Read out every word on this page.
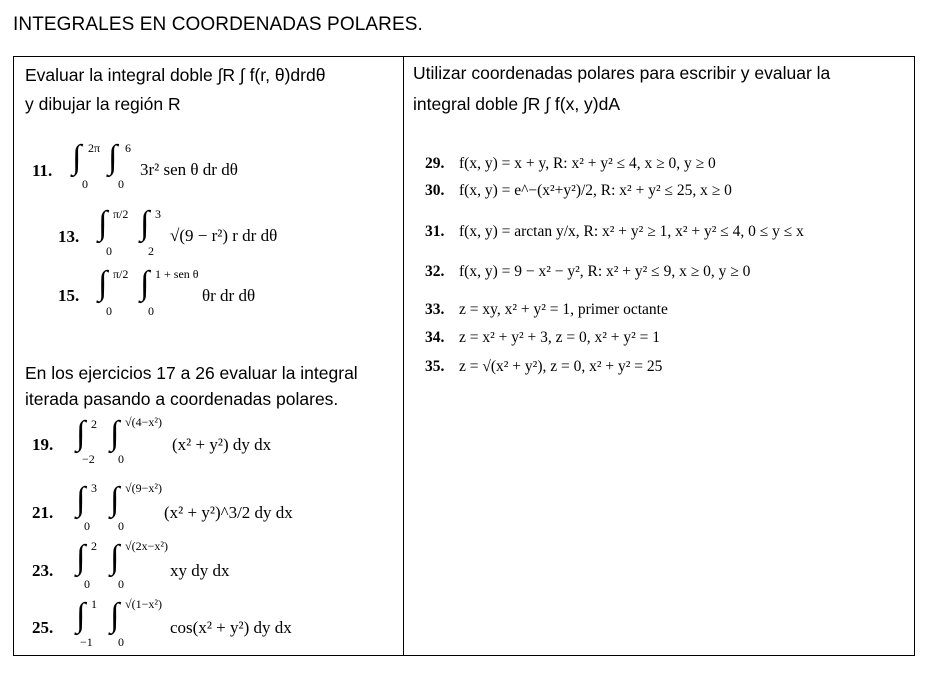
INTEGRALES EN COORDENADAS POLARES.
Evaluar la integral doble ∫R ∫ f(r, θ)drdθ
y dibujar la región R
11. ∫ 2π
0
∫ 6
0
3r² sen θ dr dθ
13. ∫ π/2
0
∫ 3
2
√(9 − r²) r dr dθ
15. ∫ π/2
0
∫ 1 + sen θ
0
θr dr dθ
En los ejercicios 17 a 26 evaluar la integral
iterada pasando a coordenadas polares.
19. ∫ 2
−2
∫ √(4−x²)
0
(x² + y²) dy dx
21. ∫ 3
0
∫ √(9−x²)
0
(x² + y²)^3/2 dy dx
23. ∫ 2
0
∫ √(2x−x²)
0
xy dy dx
25. ∫ 1
−1
∫ √(1−x²)
0
cos(x² + y²) dy dx
Utilizar coordenadas polares para escribir y evaluar la
integral doble ∫R ∫ f(x, y)dA
29. f(x, y) = x + y, R: x² + y² ≤ 4, x ≥ 0, y ≥ 0
30. f(x, y) = e^−(x²+y²)/2, R: x² + y² ≤ 25, x ≥ 0
31. f(x, y) = arctan y/x, R: x² + y² ≥ 1, x² + y² ≤ 4, 0 ≤ y ≤ x
32. f(x, y) = 9 − x² − y², R: x² + y² ≤ 9, x ≥ 0, y ≥ 0
33. z = xy, x² + y² = 1, primer octante
34. z = x² + y² + 3, z = 0, x² + y² = 1
35. z = √(x² + y²), z = 0, x² + y² = 25
